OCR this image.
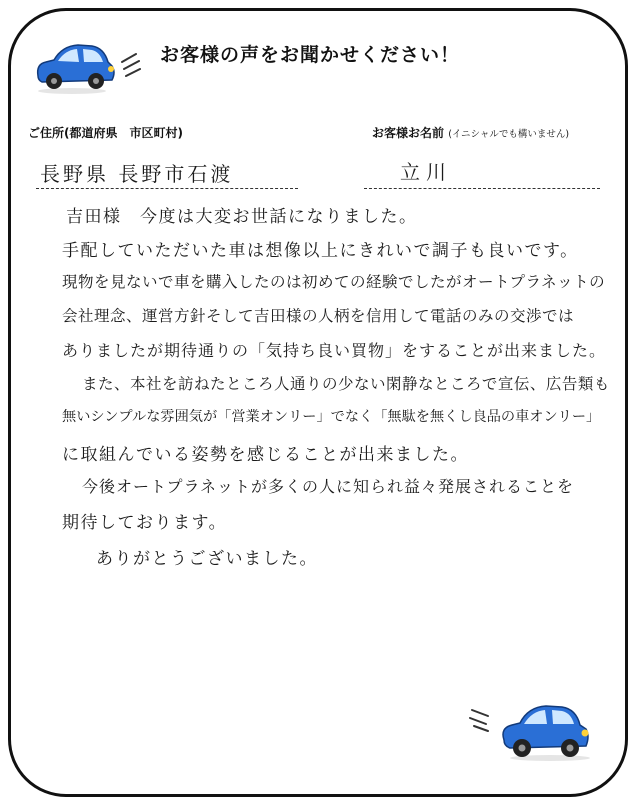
お客様の声をお聞かせください！
ご住所(都道府県　市区町村)	お客様お名前 (イニシャルでも構いません)
長野県 長野市石渡	立川
吉田様　今度は大変お世話になりました。
手配していただいた車は想像以上にきれいで調子も良いです。
現物を見ないで車を購入したのは初めての経験でしたがオートプラネットの
会社理念、運営方針そして吉田様の人柄を信用して電話のみの交渉では
ありましたが期待通りの「気持ち良い買物」をすることが出来ました。
また、本社を訪ねたところ人通りの少ない閑静なところで宣伝、広告類も
無いシンプルな雰囲気が「営業オンリー」でなく「無駄を無くし良品の車オンリー」
に取組んでいる姿勢を感じることが出来ました。
今後オートプラネットが多くの人に知られ益々発展されることを
期待しております。
ありがとうございました。
